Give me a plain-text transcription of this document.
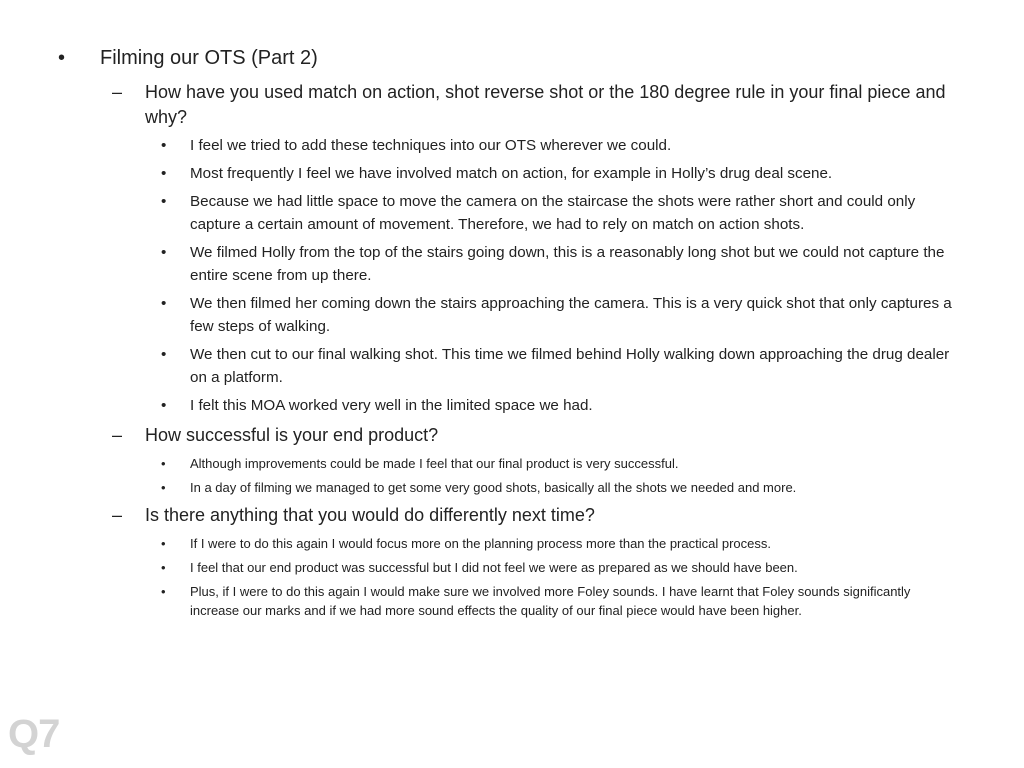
• Filming our OTS (Part 2)
– How have you used match on action, shot reverse shot or the 180 degree rule in your final piece and why?
• I feel we tried to add these techniques into our OTS wherever we could.
• Most frequently I feel we have involved match on action, for example in Holly’s drug deal scene.
• Because we had little space to move the camera on the staircase the shots were rather short and could only capture a certain amount of movement. Therefore, we had to rely on match on action shots.
• We filmed Holly from the top of the stairs going down, this is a reasonably long shot but we could not capture the entire scene from up there.
• We then filmed her coming down the stairs approaching the camera. This is a very quick shot that only captures a few steps of walking.
• We then cut to our final walking shot. This time we filmed behind Holly walking down approaching the drug dealer on a platform.
• I felt this MOA worked very well in the limited space we had.
– How successful is your end product?
• Although improvements could be made I feel that our final product is very successful.
• In a day of filming we managed to get some very good shots, basically all the shots we needed and more.
– Is there anything that you would do differently next time?
• If I were to do this again I would focus more on the planning process more than the practical process.
• I feel that our end product was successful but I did not feel we were as prepared as we should have been.
• Plus, if I were to do this again I would make sure we involved more Foley sounds. I have learnt that Foley sounds significantly increase our marks and if we had more sound effects the quality of our final piece would have been higher.
Q7
